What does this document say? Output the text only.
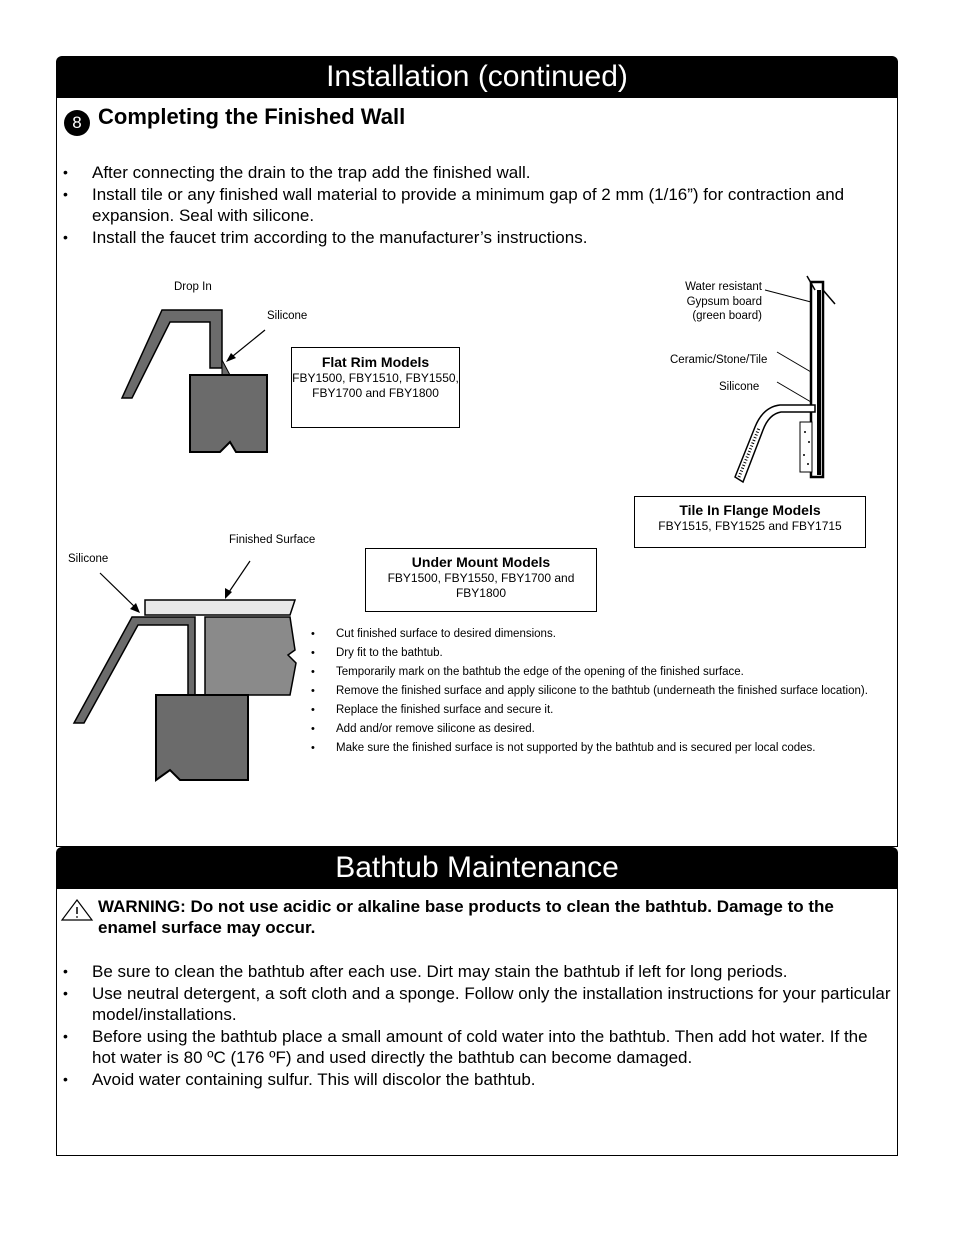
Installation (continued)
8 Completing the Finished Wall
• After connecting the drain to the trap add the finished wall.
• Install tile or any finished wall material to provide a minimum gap of 2 mm (1/16”) for contraction and expansion. Seal with silicone.
• Install the faucet trim according to the manufacturer’s instructions.
Drop In
Silicone
Flat Rim Models
FBY1500, FBY1510, FBY1550, FBY1700 and FBY1800
Water resistant Gypsum board (green board)
Ceramic/Stone/Tile
Silicone
Tile In Flange Models
FBY1515, FBY1525 and FBY1715
Silicone
Finished Surface
Under Mount Models
FBY1500, FBY1550, FBY1700 and FBY1800
• Cut finished surface to desired dimensions.
• Dry fit to the bathtub.
• Temporarily mark on the bathtub the edge of the opening of the finished surface.
• Remove the finished surface and apply silicone to the bathtub (underneath the finished surface location).
• Replace the finished surface and secure it.
• Add and/or remove silicone as desired.
• Make sure the finished surface is not supported by the bathtub and is secured per local codes.
Bathtub Maintenance
WARNING: Do not use acidic or alkaline base products to clean the bathtub. Damage to the enamel surface may occur.
• Be sure to clean the bathtub after each use. Dirt may stain the bathtub if left for long periods.
• Use neutral detergent, a soft cloth and a sponge. Follow only the installation instructions for your particular model/installations.
• Before using the bathtub place a small amount of cold water into the bathtub. Then add hot water. If the hot water is 80 ºC (176 ºF) and used directly the bathtub can become damaged.
• Avoid water containing sulfur. This will discolor the bathtub.
